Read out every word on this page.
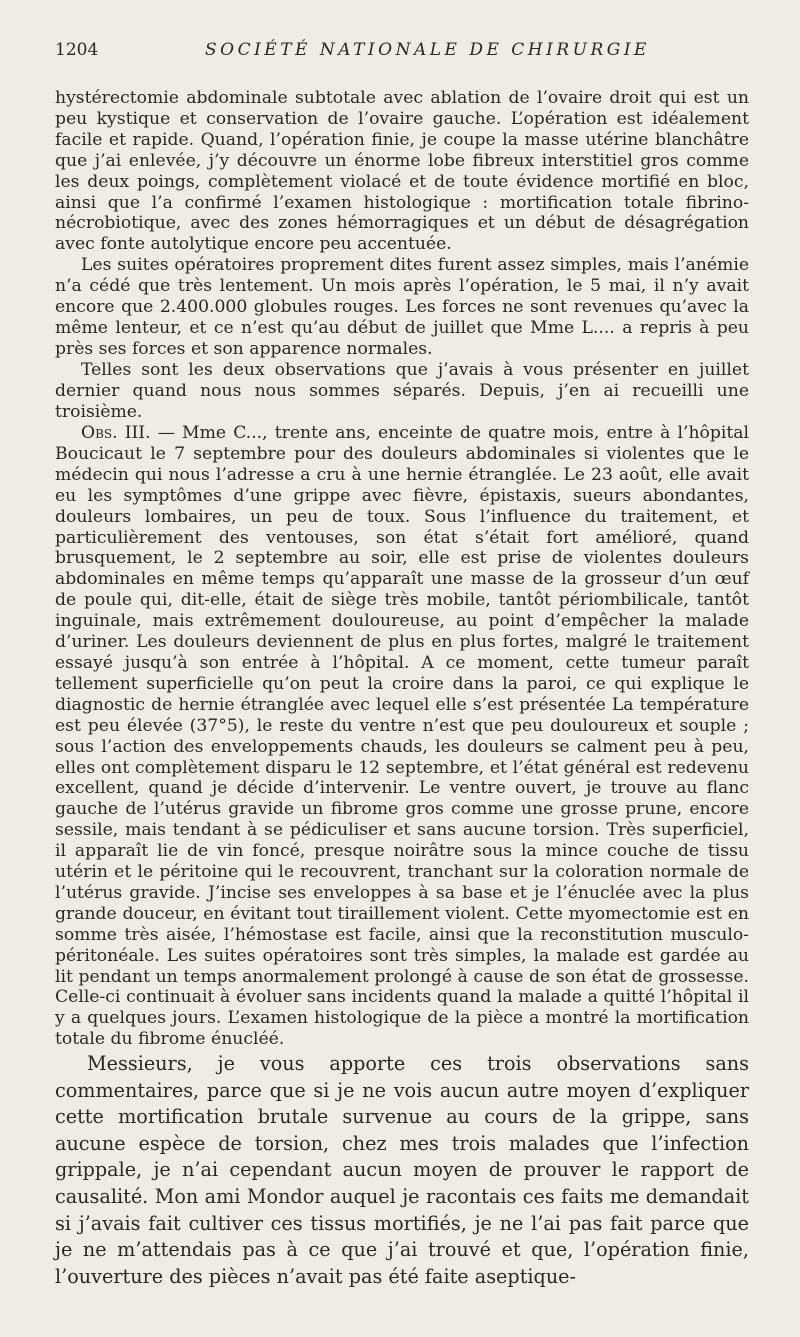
1204	SOCIÉTÉ NATIONALE DE CHIRURGIE

hystérectomie abdominale subtotale avec ablation de l’ovaire droit qui est un peu kystique et conservation de l’ovaire gauche. L’opération est idéalement facile et rapide. Quand, l’opération finie, je coupe la masse utérine blanchâtre que j’ai enlevée, j’y découvre un énorme lobe fibreux interstitiel gros comme les deux poings, complètement violacé et de toute évidence mortifié en bloc, ainsi que l’a confirmé l’examen histologique : mortification totale fibrino-nécrobiotique, avec des zones hémorragiques et un début de désagrégation avec fonte autolytique encore peu accentuée.

Les suites opératoires proprement dites furent assez simples, mais l’anémie n’a cédé que très lentement. Un mois après l’opération, le 5 mai, il n’y avait encore que 2.400.000 globules rouges. Les forces ne sont revenues qu’avec la même lenteur, et ce n’est qu’au début de juillet que Mme L.... a repris à peu près ses forces et son apparence normales.

Telles sont les deux observations que j’avais à vous présenter en juillet dernier quand nous nous sommes séparés. Depuis, j’en ai recueilli une troisième.

Obs. III. — Mme C..., trente ans, enceinte de quatre mois, entre à l’hôpital Boucicaut le 7 septembre pour des douleurs abdominales si violentes que le médecin qui nous l’adresse a cru à une hernie étranglée. Le 23 août, elle avait eu les symptômes d’une grippe avec fièvre, épistaxis, sueurs abondantes, douleurs lombaires, un peu de toux. Sous l’influence du traitement, et particulièrement des ventouses, son état s’était fort amélioré, quand brusquement, le 2 septembre au soir, elle est prise de violentes douleurs abdominales en même temps qu’apparaît une masse de la grosseur d’un œuf de poule qui, dit-elle, était de siège très mobile, tantôt périombilicale, tantôt inguinale, mais extrêmement douloureuse, au point d’empêcher la malade d’uriner. Les douleurs deviennent de plus en plus fortes, malgré le traitement essayé jusqu’à son entrée à l’hôpital. A ce moment, cette tumeur paraît tellement superficielle qu’on peut la croire dans la paroi, ce qui explique le diagnostic de hernie étranglée avec lequel elle s’est présentée La température est peu élevée (37°5), le reste du ventre n’est que peu douloureux et souple ; sous l’action des enveloppements chauds, les douleurs se calment peu à peu, elles ont complètement disparu le 12 septembre, et l’état général est redevenu excellent, quand je décide d’intervenir. Le ventre ouvert, je trouve au flanc gauche de l’utérus gravide un fibrome gros comme une grosse prune, encore sessile, mais tendant à se pédiculiser et sans aucune torsion. Très superficiel, il apparaît lie de vin foncé, presque noirâtre sous la mince couche de tissu utérin et le péritoine qui le recouvrent, tranchant sur la coloration normale de l’utérus gravide. J’incise ses enveloppes à sa base et je l’énuclée avec la plus grande douceur, en évitant tout tiraillement violent. Cette myomectomie est en somme très aisée, l’hémostase est facile, ainsi que la reconstitution musculo-péritonéale. Les suites opératoires sont très simples, la malade est gardée au lit pendant un temps anormalement prolongé à cause de son état de grossesse. Celle-ci continuait à évoluer sans incidents quand la malade a quitté l’hôpital il y a quelques jours. L’examen histologique de la pièce a montré la mortification totale du fibrome énucléé.

Messieurs, je vous apporte ces trois observations sans commentaires, parce que si je ne vois aucun autre moyen d’expliquer cette mortification brutale survenue au cours de la grippe, sans aucune espèce de torsion, chez mes trois malades que l’infection grippale, je n’ai cependant aucun moyen de prouver le rapport de causalité. Mon ami Mondor auquel je racontais ces faits me demandait si j’avais fait cultiver ces tissus mortifiés, je ne l’ai pas fait parce que je ne m’attendais pas à ce que j’ai trouvé et que, l’opération finie, l’ouverture des pièces n’avait pas été faite aseptique-
